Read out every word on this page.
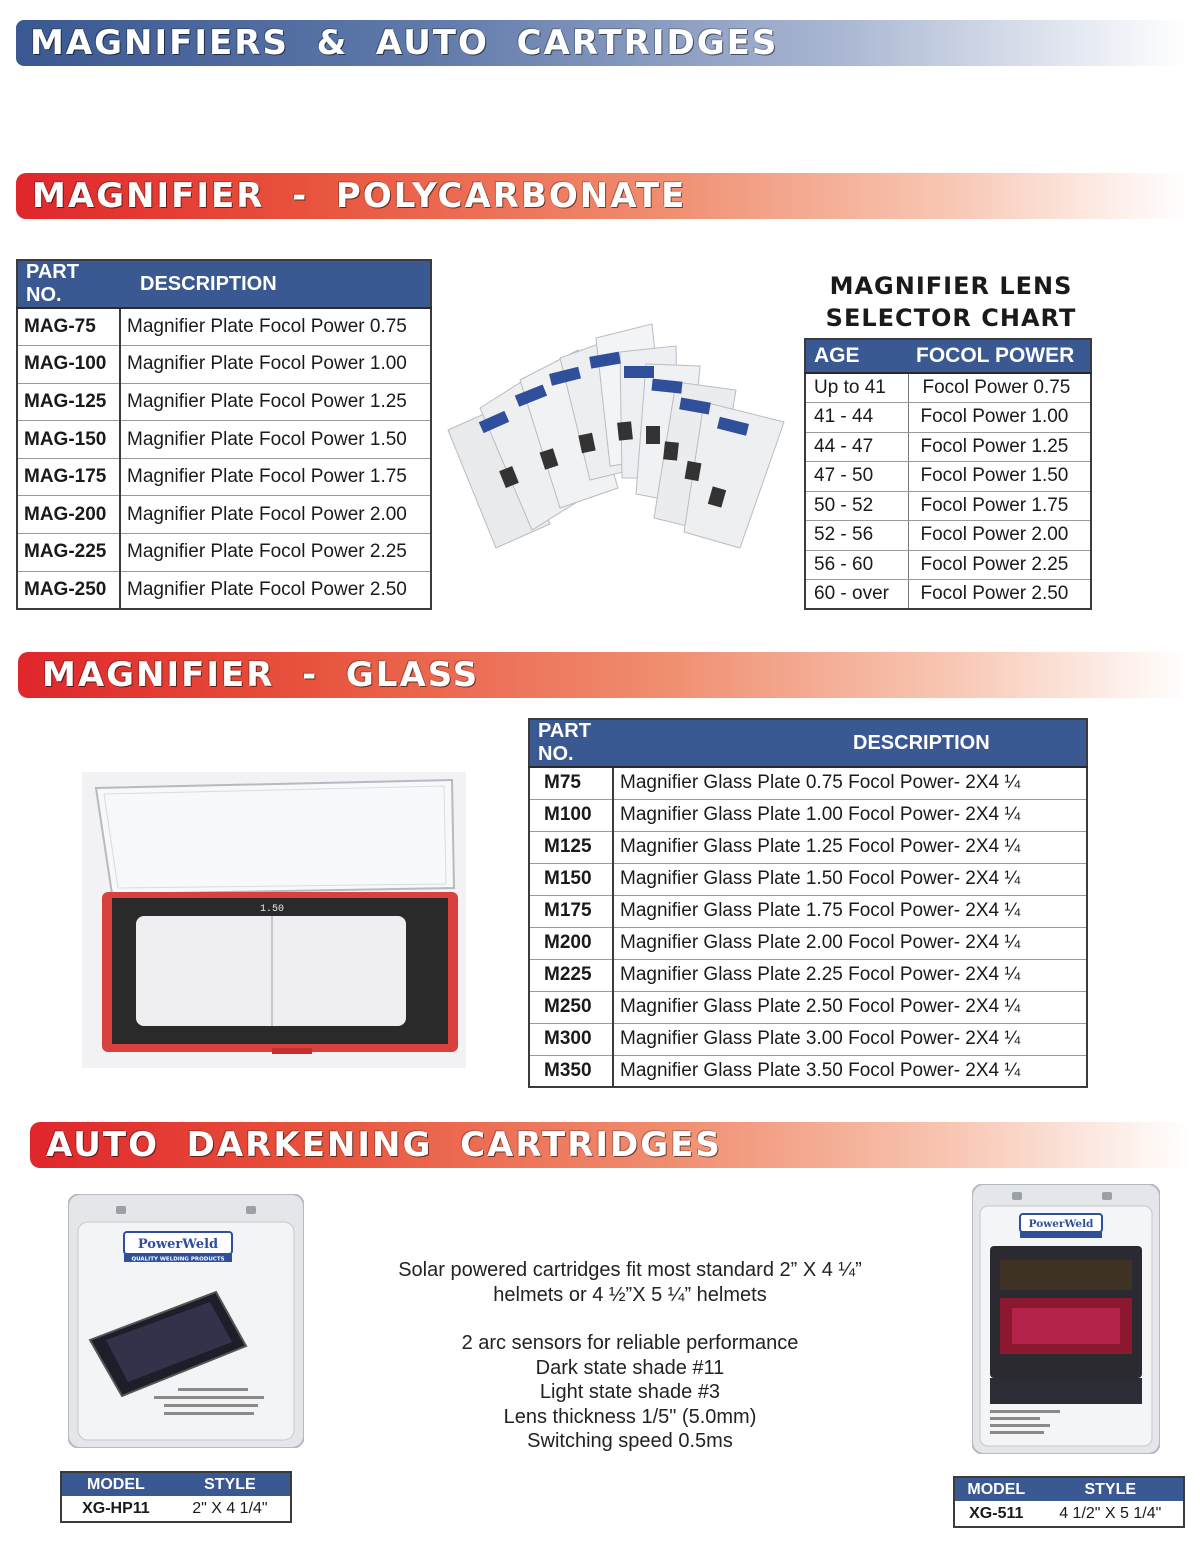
MAGNIFIERS  &  AUTO  CARTRIDGES
MAGNIFIER  -  POLYCARBONATE
PART NO.	DESCRIPTION
MAG-75	Magnifier Plate Focol Power 0.75
MAG-100	Magnifier Plate Focol Power 1.00
MAG-125	Magnifier Plate Focol Power 1.25
MAG-150	Magnifier Plate Focol Power 1.50
MAG-175	Magnifier Plate Focol Power 1.75
MAG-200	Magnifier Plate Focol Power 2.00
MAG-225	Magnifier Plate Focol Power 2.25
MAG-250	Magnifier Plate Focol Power 2.50
MAGNIFIER LENS
SELECTOR CHART
AGE	FOCOL POWER
Up to 41	Focol Power 0.75
41 - 44	Focol Power 1.00
44 - 47	Focol Power 1.25
47 - 50	Focol Power 1.50
50 - 52	Focol Power 1.75
52 - 56	Focol Power 2.00
56 - 60	Focol Power 2.25
60 - over	Focol Power 2.50
MAGNIFIER  -  GLASS
1.50
PART NO.	DESCRIPTION
M75	Magnifier Glass Plate 0.75 Focol Power- 2X4 ¼
M100	Magnifier Glass Plate 1.00 Focol Power- 2X4 ¼
M125	Magnifier Glass Plate 1.25 Focol Power- 2X4 ¼
M150	Magnifier Glass Plate 1.50 Focol Power- 2X4 ¼
M175	Magnifier Glass Plate 1.75 Focol Power- 2X4 ¼
M200	Magnifier Glass Plate 2.00 Focol Power- 2X4 ¼
M225	Magnifier Glass Plate 2.25 Focol Power- 2X4 ¼
M250	Magnifier Glass Plate 2.50 Focol Power- 2X4 ¼
M300	Magnifier Glass Plate 3.00 Focol Power- 2X4 ¼
M350	Magnifier Glass Plate 3.50 Focol Power- 2X4 ¼
AUTO  DARKENING  CARTRIDGES
PowerWeld
QUALITY WELDING PRODUCTS
MODEL	STYLE
XG-HP11	2" X 4 1/4"

Solar powered cartridges fit most standard 2” X 4 ¼”

helmets or 4 ½”X 5 ¼” helmets

2 arc sensors for reliable performance

Dark state shade #11

Light state shade #3

Lens thickness 1/5" (5.0mm)

Switching speed 0.5ms

PowerWeld
MODEL	STYLE
XG-511	4 1/2" X 5 1/4"
